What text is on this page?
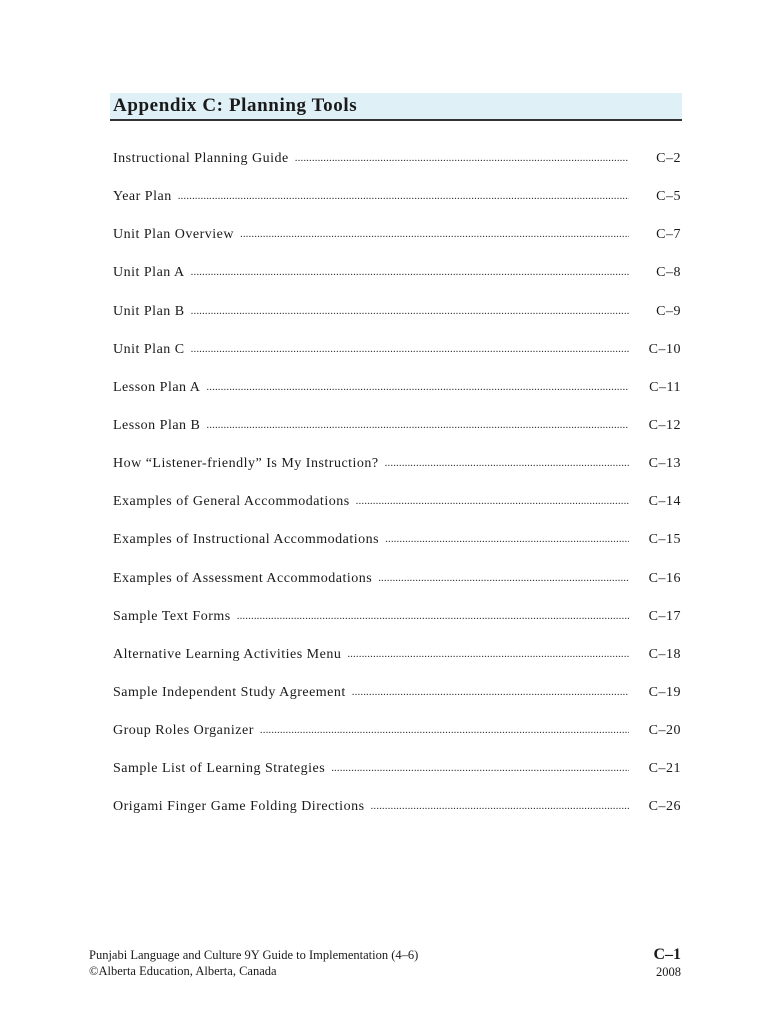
Appendix C: Planning Tools
Instructional Planning Guide .....	C–2
Year Plan .....	C–5
Unit Plan Overview .....	C–7
Unit Plan A .....	C–8
Unit Plan B .....	C–9
Unit Plan C .....	C–10
Lesson Plan A .....	C–11
Lesson Plan B .....	C–12
How “Listener-friendly” Is My Instruction? .....	C–13
Examples of General Accommodations .....	C–14
Examples of Instructional Accommodations .....	C–15
Examples of Assessment Accommodations .....	C–16
Sample Text Forms .....	C–17
Alternative Learning Activities Menu .....	C–18
Sample Independent Study Agreement .....	C–19
Group Roles Organizer .....	C–20
Sample List of Learning Strategies .....	C–21
Origami Finger Game Folding Directions .....	C–26
Punjabi Language and Culture 9Y Guide to Implementation (4–6)
©Alberta Education, Alberta, Canada
C–1
2008
